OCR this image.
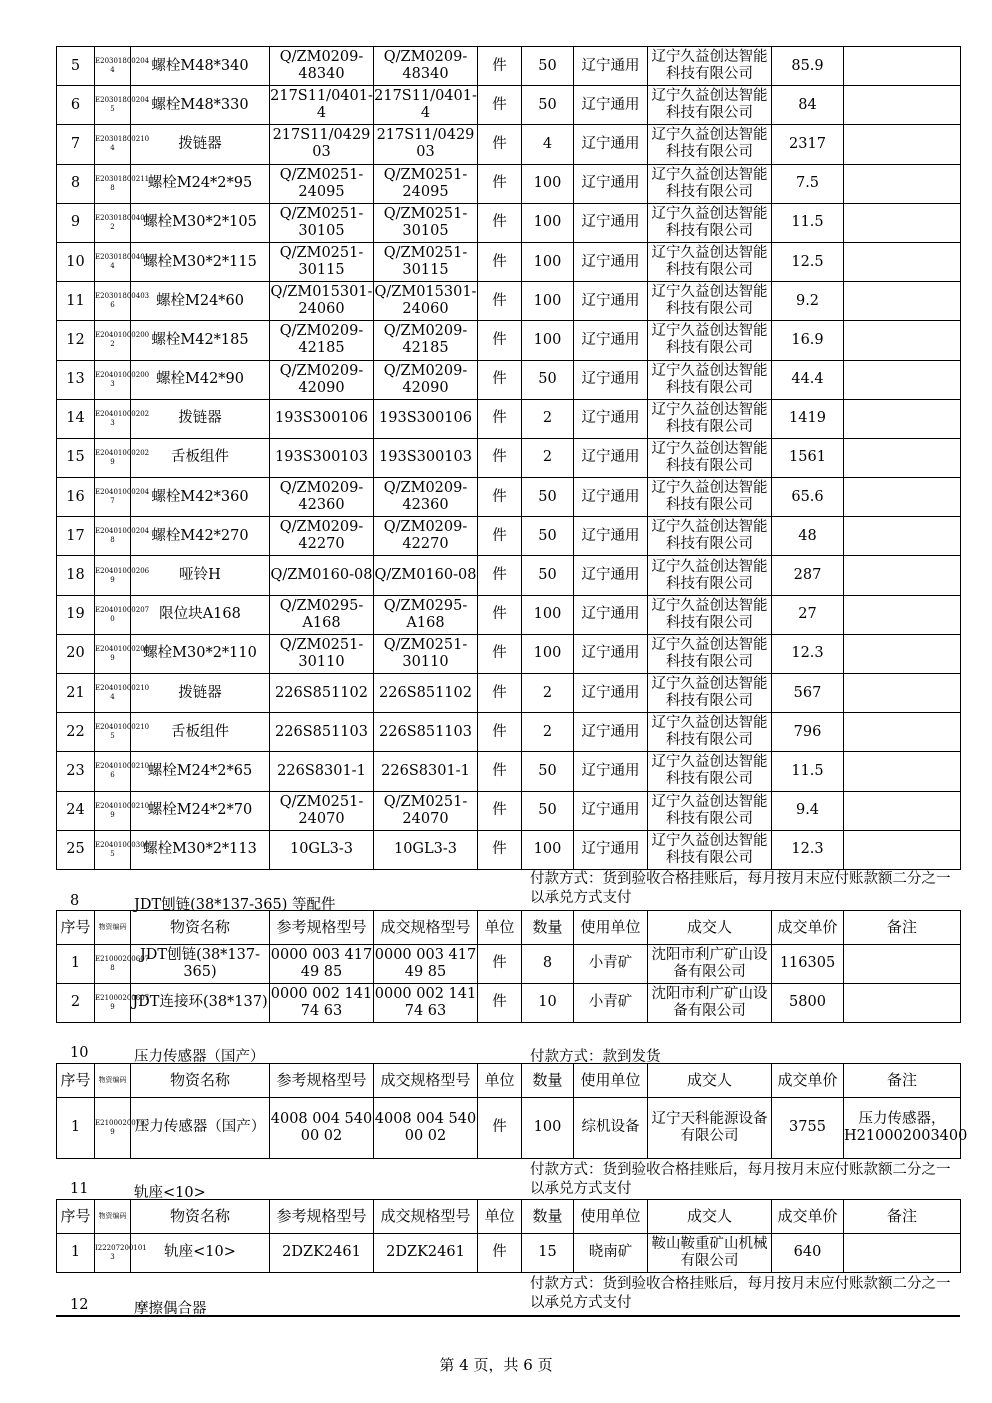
5	E20301800204 4	螺栓M48*340	Q/ZM0209-48340	Q/ZM0209-48340	件	50	辽宁通用	辽宁久益创达智能科技有限公司	85.9	
6	E20301800204 5	螺栓M48*330	217S11/0401-4	217S11/0401-4	件	50	辽宁通用	辽宁久益创达智能科技有限公司	84	
7	E20301800210 4	拨链器	217S11/0429 03	217S11/0429 03	件	4	辽宁通用	辽宁久益创达智能科技有限公司	2317	
8	E20301800211 8	螺栓M24*2*95	Q/ZM0251-24095	Q/ZM0251-24095	件	100	辽宁通用	辽宁久益创达智能科技有限公司	7.5	
9	E20301800401 2	螺栓M30*2*105	Q/ZM0251-30105	Q/ZM0251-30105	件	100	辽宁通用	辽宁久益创达智能科技有限公司	11.5	
10	E20301800401 4	螺栓M30*2*115	Q/ZM0251-30115	Q/ZM0251-30115	件	100	辽宁通用	辽宁久益创达智能科技有限公司	12.5	
11	E20301800403 6	螺栓M24*60	Q/ZM015301-24060	Q/ZM015301-24060	件	100	辽宁通用	辽宁久益创达智能科技有限公司	9.2	
12	E20401000200 2	螺栓M42*185	Q/ZM0209-42185	Q/ZM0209-42185	件	100	辽宁通用	辽宁久益创达智能科技有限公司	16.9	
13	E20401000200 3	螺栓M42*90	Q/ZM0209-42090	Q/ZM0209-42090	件	50	辽宁通用	辽宁久益创达智能科技有限公司	44.4	
14	E20401000202 3	拨链器	193S300106	193S300106	件	2	辽宁通用	辽宁久益创达智能科技有限公司	1419	
15	E20401000202 9	舌板组件	193S300103	193S300103	件	2	辽宁通用	辽宁久益创达智能科技有限公司	1561	
16	E20401000204 7	螺栓M42*360	Q/ZM0209-42360	Q/ZM0209-42360	件	50	辽宁通用	辽宁久益创达智能科技有限公司	65.6	
17	E20401000204 8	螺栓M42*270	Q/ZM0209-42270	Q/ZM0209-42270	件	50	辽宁通用	辽宁久益创达智能科技有限公司	48	
18	E20401000206 9	哑铃H	Q/ZM0160-08	Q/ZM0160-08	件	50	辽宁通用	辽宁久益创达智能科技有限公司	287	
19	E20401000207 0	限位块A168	Q/ZM0295-A168	Q/ZM0295-A168	件	100	辽宁通用	辽宁久益创达智能科技有限公司	27	
20	E20401000208 9	螺栓M30*2*110	Q/ZM0251-30110	Q/ZM0251-30110	件	100	辽宁通用	辽宁久益创达智能科技有限公司	12.3	
21	E20401000210 4	拨链器	226S851102	226S851102	件	2	辽宁通用	辽宁久益创达智能科技有限公司	567	
22	E20401000210 5	舌板组件	226S851103	226S851103	件	2	辽宁通用	辽宁久益创达智能科技有限公司	796	
23	E20401000210 6	螺栓M24*2*65	226S8301-1	226S8301-1	件	50	辽宁通用	辽宁久益创达智能科技有限公司	11.5	
24	E20401000210 9	螺栓M24*2*70	Q/ZM0251-24070	Q/ZM0251-24070	件	50	辽宁通用	辽宁久益创达智能科技有限公司	9.4	
25	E20401000300 5	螺栓M30*2*113	10GL3-3	10GL3-3	件	100	辽宁通用	辽宁久益创达智能科技有限公司	12.3	
8	JDT刨链(38*137-365) 等配件
付款方式：货到验收合格挂账后，每月按月末应付账款额二分之一以承兑方式支付
序号	物资编码	物资名称	参考规格型号	成交规格型号	单位	数量	使用单位	成交人	成交单价	备注
1	E21000200607 8	JDT刨链(38*137-365)	0000 003 417 49 85	0000 003 417 49 85	件	8	小青矿	沈阳市利广矿山设备有限公司	116305	
2	E21000200607 9	JDT连接环(38*137)	0000 002 141 74 63	0000 002 141 74 63	件	10	小青矿	沈阳市利广矿山设备有限公司	5800	
10	压力传感器（国产）	付款方式：款到发货
序号	物资编码	物资名称	参考规格型号	成交规格型号	单位	数量	使用单位	成交人	成交单价	备注
1	E21000200703 9	压力传感器（国产）	4008 004 540 00 02	4008 004 540 00 02	件	100	综机设备	辽宁天科能源设备有限公司	3755	压力传感器，H210002003400
付款方式：货到验收合格挂账后，每月按月末应付账款额二分之一以承兑方式支付
11	轨座<10>
序号	物资编码	物资名称	参考规格型号	成交规格型号	单位	数量	使用单位	成交人	成交单价	备注
1	I22207200101 3	轨座<10>	2DZK2461	2DZK2461	件	15	晓南矿	鞍山鞍重矿山机械有限公司	640	
付款方式：货到验收合格挂账后，每月按月末应付账款额二分之一以承兑方式支付
12	摩擦偶合器
第 4 页，共 6 页
